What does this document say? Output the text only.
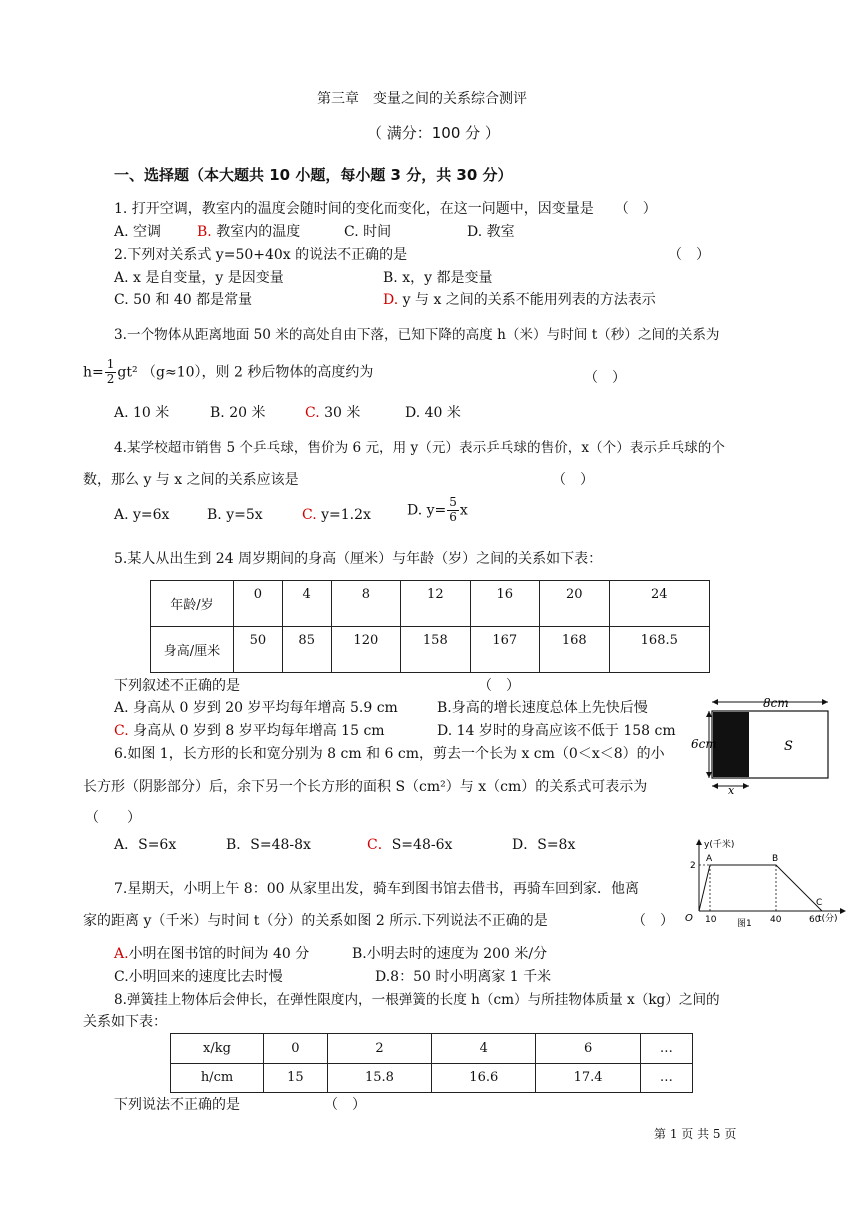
第三章　变量之间的关系综合测评
（ 满分：100 分 ）
一、选择题（本大题共 10 小题，每小题 3 分，共 30 分）
1. 打开空调，教室内的温度会随时间的变化而变化，在这一问题中，因变量是　　（　）
A. 空调	B. 教室内的温度	C. 时间	D. 教室
2.下列对关系式 y=50+40x 的说法不正确的是	（　）
A. x 是自变量，y 是因变量	B. x，y 都是变量
C. 50 和 40 都是常量	D. y 与 x 之间的关系不能用列表的方法表示
3.一个物体从距离地面 50 米的高处自由下落，已知下降的高度 h（米）与时间 t（秒）之间的关系为
$h= \frac{1}{2} gt^2$ （g≈10），则 2 秒后物体的高度约为	（　）
A. 10 米	B. 20 米	C. 30 米	D. 40 米
4.某学校超市销售 5 个乒乓球，售价为 6 元，用 y（元）表示乒乓球的售价，x（个）表示乒乓球的个
数，那么 y 与 x 之间的关系应该是	（　）
A. y=6x	B. y=5x	C. y=1.2x	D. $y= \frac{5}{6}$ x
5.某人从出生到 24 周岁期间的身高（厘米）与年龄（岁）之间的关系如下表：
年龄/岁	0	4	8	12	16	20	24
身高/厘米	50	85	120	158	167	168	168.5
下列叙述不正确的是	（　）
A. 身高从 0 岁到 20 岁平均每年增高 5.9 cm	B.身高的增长速度总体上先快后慢
C. 身高从 0 岁到 8 岁平均每年增高 15 cm	D. 14 岁时的身高应该不低于 158 cm
8cm
6cm	S
x
6.如图 1，长方形的长和宽分别为 8 cm 和 6 cm，剪去一个长为 x cm（0＜x＜8）的小
长方形（阴影部分）后，余下另一个长方形的面积 S（cm²）与 x（cm）的关系式可表示为
（　　）
A．S=6x	B．S=48-8x	C．S=48-6x	D．S=8x	y(千米)
t(分)
2
10	40	60
O
A	B
C
图1
7.星期天，小明上午 8：00 从家里出发，骑车到图书馆去借书，再骑车回到家．他离
家的距离 y（千米）与时间 t（分）的关系如图 2 所示.下列说法不正确的是	（　）
A.小明在图书馆的时间为 40 分	B.小明去时的速度为 200 米/分
C.小明回来的速度比去时慢	D.8：50 时小明离家 1 千米
8.弹簧挂上物体后会伸长，在弹性限度内，一根弹簧的长度 h（cm）与所挂物体质量 x（kg）之间的
关系如下表：
x/kg	0	2	4	6	…
h/cm	15	15.8	16.6	17.4	…
下列说法不正确的是	（　）
第 1 页 共 5 页
